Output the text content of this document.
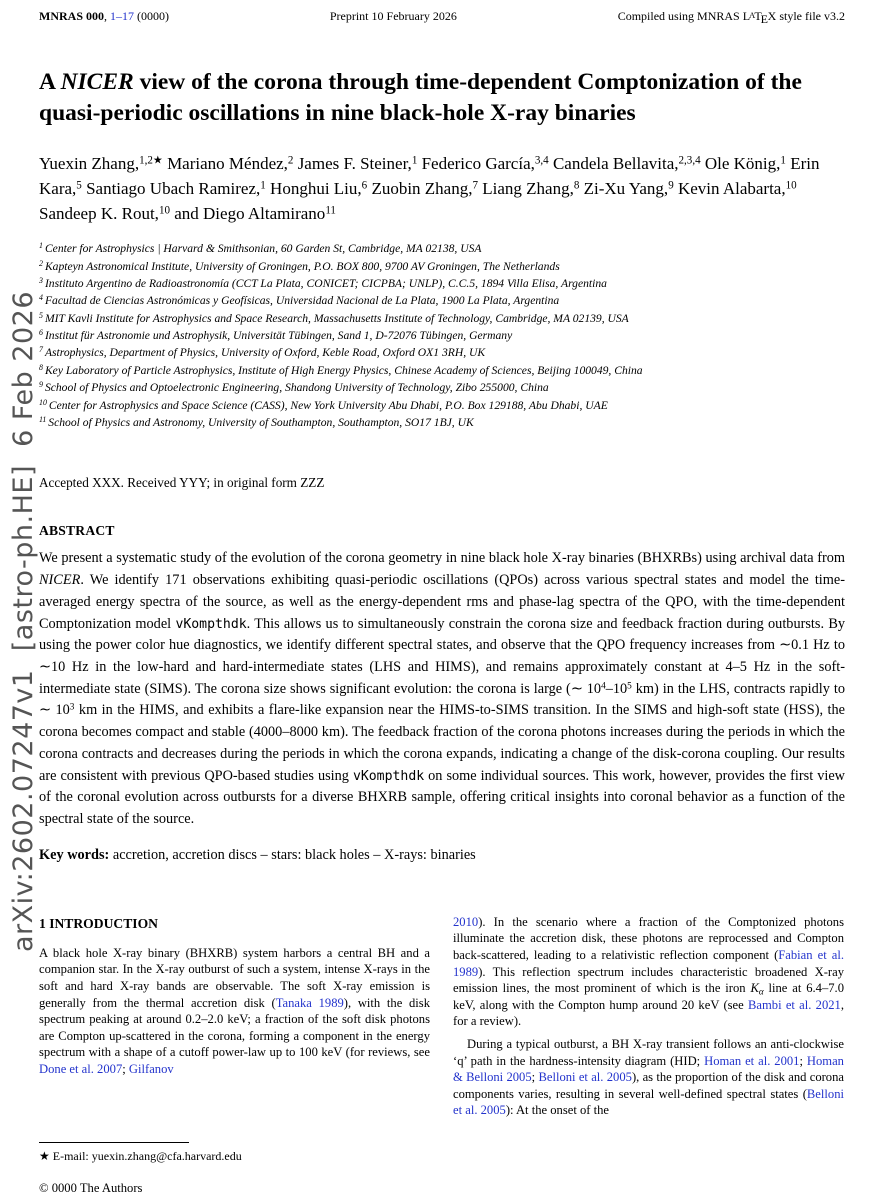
arXiv:2602.07247v1  [astro-ph.HE]  6 Feb 2026
MNRAS 000, 1–17 (0000)	Preprint 10 February 2026	Compiled using MNRAS $L^ATEX$ style file v3.2
A NICER view of the corona through time-dependent Comptonization of the quasi-periodic oscillations in nine black-hole X-ray binaries

Yuexin Zhang,$^{1,2★}$ Mariano Méndez,$^2$ James F. Steiner,$^1$ Federico García,$^{3,4}$ Candela Bellavita,$^{2,3,4}$ Ole König,$^1$ Erin Kara,$^5$ Santiago Ubach Ramirez,$^1$ Honghui Liu,$^6$ Zuobin Zhang,$^7$ Liang Zhang,$^8$ Zi-Xu Yang,$^9$ Kevin Alabarta,$^{10}$ Sandeep K. Rout,$^{10}$ and Diego Altamirano$^{11}$

$^1$ Center for Astrophysics | Harvard & Smithsonian, 60 Garden St, Cambridge, MA 02138, USA
$^2$ Kapteyn Astronomical Institute, University of Groningen, P.O. BOX 800, 9700 AV Groningen, The Netherlands
$^3$ Instituto Argentino de Radioastronomía (CCT La Plata, CONICET; CICPBA; UNLP), C.C.5, 1894 Villa Elisa, Argentina
$^4$ Facultad de Ciencias Astronómicas y Geofísicas, Universidad Nacional de La Plata, 1900 La Plata, Argentina
$^5$ MIT Kavli Institute for Astrophysics and Space Research, Massachusetts Institute of Technology, Cambridge, MA 02139, USA
$^6$ Institut für Astronomie und Astrophysik, Universität Tübingen, Sand 1, D-72076 Tübingen, Germany
$^7$ Astrophysics, Department of Physics, University of Oxford, Keble Road, Oxford OX1 3RH, UK
$^8$ Key Laboratory of Particle Astrophysics, Institute of High Energy Physics, Chinese Academy of Sciences, Beijing 100049, China
$^9$ School of Physics and Optoelectronic Engineering, Shandong University of Technology, Zibo 255000, China
$^{10}$ Center for Astrophysics and Space Science (CASS), New York University Abu Dhabi, P.O. Box 129188, Abu Dhabi, UAE
$^{11}$ School of Physics and Astronomy, University of Southampton, Southampton, SO17 1BJ, UK

Accepted XXX. Received YYY; in original form ZZZ

ABSTRACT

We present a systematic study of the evolution of the corona geometry in nine black hole X-ray binaries (BHXRBs) using archival data from NICER. We identify 171 observations exhibiting quasi-periodic oscillations (QPOs) across various spectral states and model the time-averaged energy spectra of the source, as well as the energy-dependent rms and phase-lag spectra of the QPO, with the time-dependent Comptonization model vKompthdk. This allows us to simultaneously constrain the corona size and feedback fraction during outbursts. By using the power color hue diagnostics, we identify different spectral states, and observe that the QPO frequency increases from ∼0.1 Hz to ∼10 Hz in the low-hard and hard-intermediate states (LHS and HIMS), and remains approximately constant at 4–5 Hz in the soft-intermediate state (SIMS). The corona size shows significant evolution: the corona is large (∼ $10^4-10^5$ km) in the LHS, contracts rapidly to ∼ $10^3$ km in the HIMS, and exhibits a flare-like expansion near the HIMS-to-SIMS transition. In the SIMS and high-soft state (HSS), the corona becomes compact and stable (4000–8000 km). The feedback fraction of the corona photons increases during the periods in which the corona contracts and decreases during the periods in which the corona expands, indicating a change of the disk-corona coupling. Our results are consistent with previous QPO-based studies using vKompthdk on some individual sources. This work, however, provides the first view of the coronal evolution across outbursts for a diverse BHXRB sample, offering critical insights into coronal behavior as a function of the spectral state of the source.

Key words: accretion, accretion discs – stars: black holes – X-rays: binaries

1 INTRODUCTION

A black hole X-ray binary (BHXRB) system harbors a central BH and a companion star. In the X-ray outburst of such a system, intense X-rays in the soft and hard X-ray bands are observable. The soft X-ray emission is generally from the thermal accretion disk (Tanaka 1989), with the disk spectrum peaking at around 0.2–2.0 keV; a fraction of the soft disk photons are Compton up-scattered in the corona, forming a component in the energy spectrum with a shape of a cutoff power-law up to 100 keV (for reviews, see Done et al. 2007; Gilfanov

2010). In the scenario where a fraction of the Comptonized photons illuminate the accretion disk, these photons are reprocessed and Compton back-scattered, leading to a relativistic reflection component (Fabian et al. 1989). This reflection spectrum includes characteristic broadened X-ray emission lines, the most prominent of which is the iron Kα line at 6.4–7.0 keV, along with the Compton hump around 20 keV (see Bambi et al. 2021, for a review).

During a typical outburst, a BH X-ray transient follows an anti-clockwise ‘q’ path in the hardness-intensity diagram (HID; Homan et al. 2001; Homan & Belloni 2005; Belloni et al. 2005), as the proportion of the disk and corona components varies, resulting in several well-defined spectral states (Belloni et al. 2005): At the onset of the

★ E-mail: yuexin.zhang@cfa.harvard.edu

© 0000 The Authors
